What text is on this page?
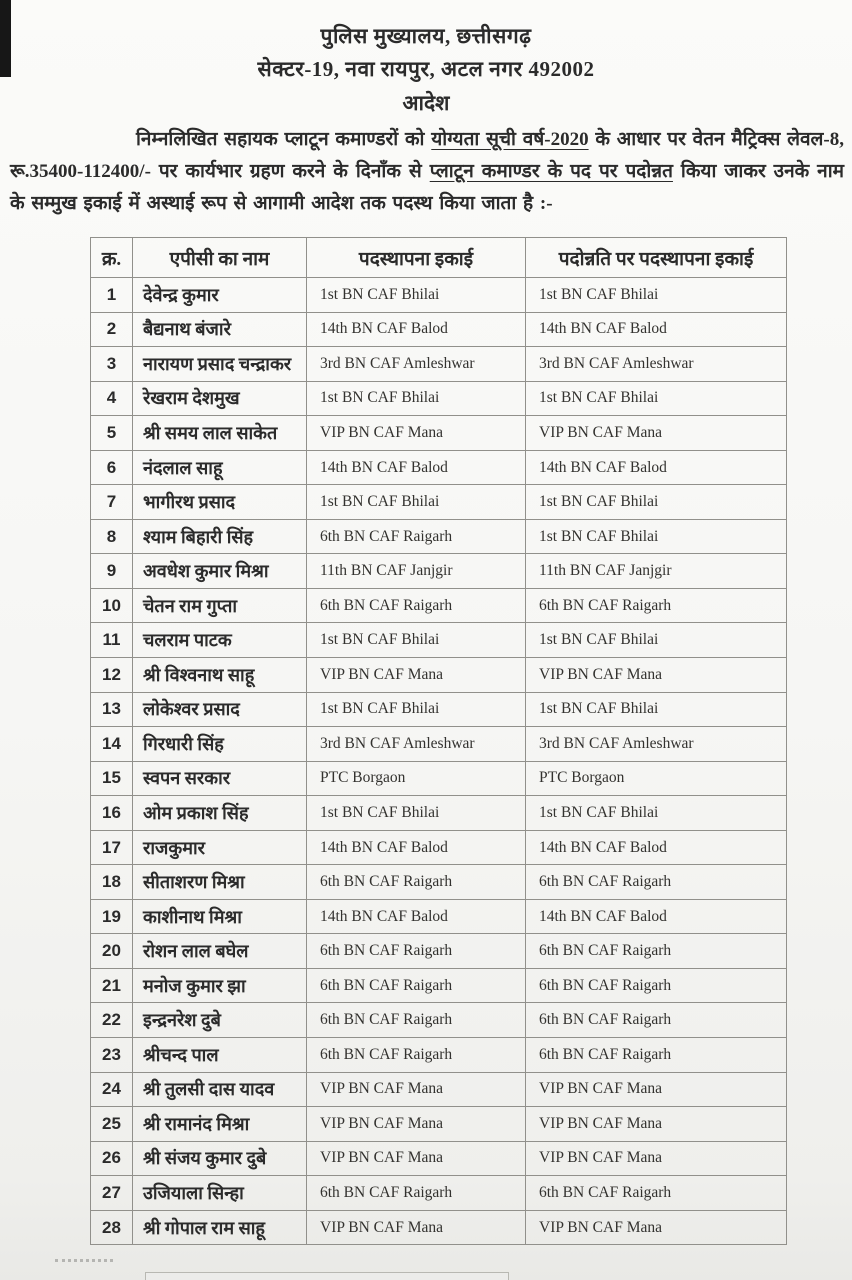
पुलिस मुख्यालय, छत्तीसगढ़
सेक्टर-19, नवा रायपुर, अटल नगर 492002
आदेश
निम्नलिखित सहायक प्लाटून कमाण्डरों को योग्यता सूची वर्ष-2020 के आधार पर वेतन मैट्रिक्स लेवल-8, रू.35400-112400/- पर कार्यभार ग्रहण करने के दिनाँक से प्लाटून कमाण्डर के पद पर पदोन्नत किया जाकर उनके नाम के सम्मुख इकाई में अस्थाई रूप से आगामी आदेश तक पदस्थ किया जाता है :-
क्र.	एपीसी का नाम	पदस्थापना इकाई	पदोन्नति पर पदस्थापना इकाई
1	देवेन्द्र कुमार	1st BN CAF Bhilai	1st BN CAF Bhilai
2	बैद्यनाथ बंजारे	14th BN CAF Balod	14th BN CAF Balod
3	नारायण प्रसाद चन्द्राकर	3rd BN CAF Amleshwar	3rd BN CAF Amleshwar
4	रेखराम देशमुख	1st BN CAF Bhilai	1st BN CAF Bhilai
5	श्री समय लाल साकेत	VIP BN CAF Mana	VIP BN CAF Mana
6	नंदलाल साहू	14th BN CAF Balod	14th BN CAF Balod
7	भागीरथ प्रसाद	1st BN CAF Bhilai	1st BN CAF Bhilai
8	श्याम बिहारी सिंह	6th BN CAF Raigarh	1st BN CAF Bhilai
9	अवधेश कुमार मिश्रा	11th BN CAF Janjgir	11th BN CAF Janjgir
10	चेतन राम गुप्ता	6th BN CAF Raigarh	6th BN CAF Raigarh
11	चलराम पाटक	1st BN CAF Bhilai	1st BN CAF Bhilai
12	श्री विश्वनाथ साहू	VIP BN CAF Mana	VIP BN CAF Mana
13	लोकेश्वर प्रसाद	1st BN CAF Bhilai	1st BN CAF Bhilai
14	गिरधारी सिंह	3rd BN CAF Amleshwar	3rd BN CAF Amleshwar
15	स्वपन सरकार	PTC Borgaon	PTC Borgaon
16	ओम प्रकाश सिंह	1st BN CAF Bhilai	1st BN CAF Bhilai
17	राजकुमार	14th BN CAF Balod	14th BN CAF Balod
18	सीताशरण मिश्रा	6th BN CAF Raigarh	6th BN CAF Raigarh
19	काशीनाथ मिश्रा	14th BN CAF Balod	14th BN CAF Balod
20	रोशन लाल बघेल	6th BN CAF Raigarh	6th BN CAF Raigarh
21	मनोज कुमार झा	6th BN CAF Raigarh	6th BN CAF Raigarh
22	इन्द्रनरेश दुबे	6th BN CAF Raigarh	6th BN CAF Raigarh
23	श्रीचन्द पाल	6th BN CAF Raigarh	6th BN CAF Raigarh
24	श्री तुलसी दास यादव	VIP BN CAF Mana	VIP BN CAF Mana
25	श्री रामानंद मिश्रा	VIP BN CAF Mana	VIP BN CAF Mana
26	श्री संजय कुमार दुबे	VIP BN CAF Mana	VIP BN CAF Mana
27	उजियाला सिन्हा	6th BN CAF Raigarh	6th BN CAF Raigarh
28	श्री गोपाल राम साहू	VIP BN CAF Mana	VIP BN CAF Mana
